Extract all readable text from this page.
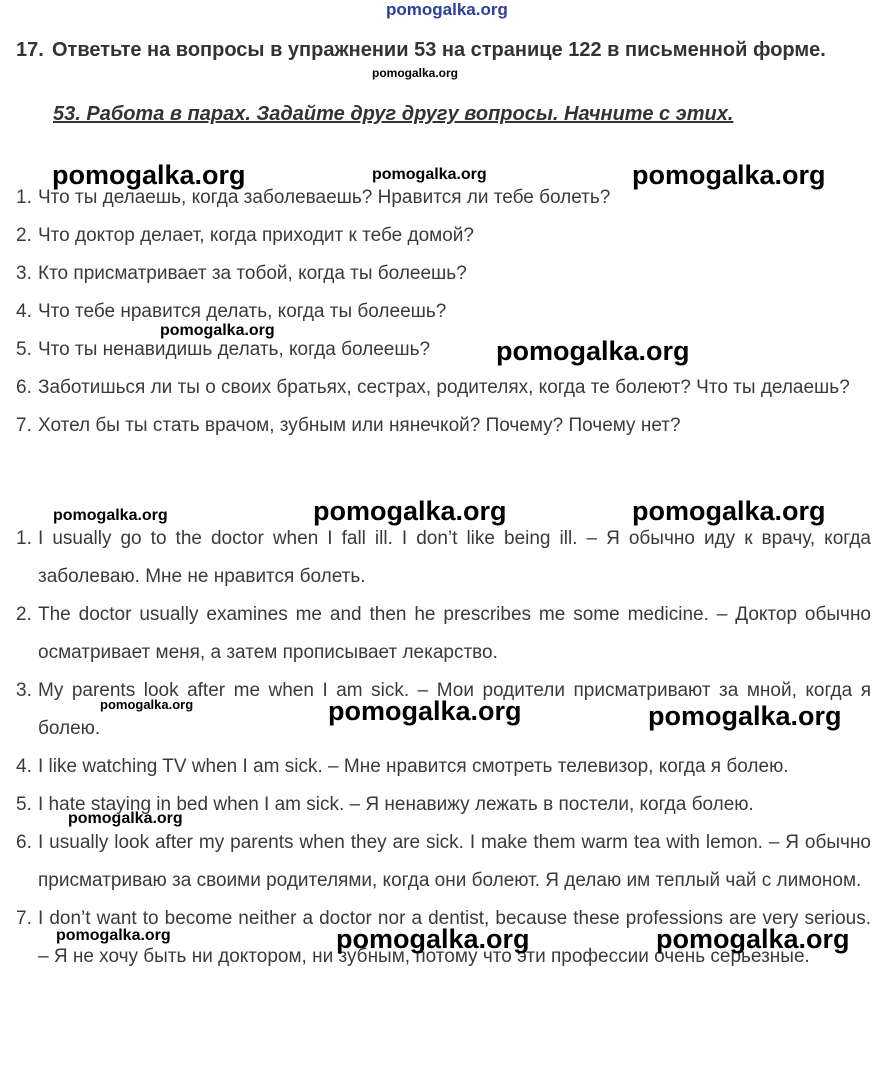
17. Ответьте на вопросы в упражнении 53 на странице 122 в письменной форме.
53. Работа в парах. Задайте друг другу вопросы. Начните с этих.
1. Что ты делаешь, когда заболеваешь? Нравится ли тебе болеть?
2. Что доктор делает, когда приходит к тебе домой?
3. Кто присматривает за тобой, когда ты болеешь?
4. Что тебе нравится делать, когда ты болеешь?
5. Что ты ненавидишь делать, когда болеешь?
6. Заботишься ли ты о своих братьях, сестрах, родителях, когда те болеют? Что ты делаешь?
7. Хотел бы ты стать врачом, зубным или нянечкой? Почему? Почему нет?
1. I usually go to the doctor when I fall ill. I don’t like being ill. – Я обычно иду к врачу, когда заболеваю. Мне не нравится болеть.
2. The doctor usually examines me and then he prescribes me some medicine. – Доктор обычно осматривает меня, а затем прописывает лекарство.
3. My parents look after me when I am sick. – Мои родители присматривают за мной, когда я болею.
4. I like watching TV when I am sick. – Мне нравится смотреть телевизор, когда я болею.
5. I hate staying in bed when I am sick. – Я ненавижу лежать в постели, когда болею.
6. I usually look after my parents when they are sick. I make them warm tea with lemon. – Я обычно присматриваю за своими родителями, когда они болеют. Я делаю им теплый чай с лимоном.
7. I don’t want to become neither a doctor nor a dentist, because these professions are very serious. – Я не хочу быть ни доктором, ни зубным, потому что эти профессии очень серьезные.
pomogalka.org
pomogalka.org
pomogalka.org	pomogalka.org	pomogalka.org
pomogalka.org
pomogalka.org
pomogalka.org	pomogalka.org	pomogalka.org
pomogalka.org	pomogalka.org	pomogalka.org
pomogalka.org
pomogalka.org	pomogalka.org	pomogalka.org
